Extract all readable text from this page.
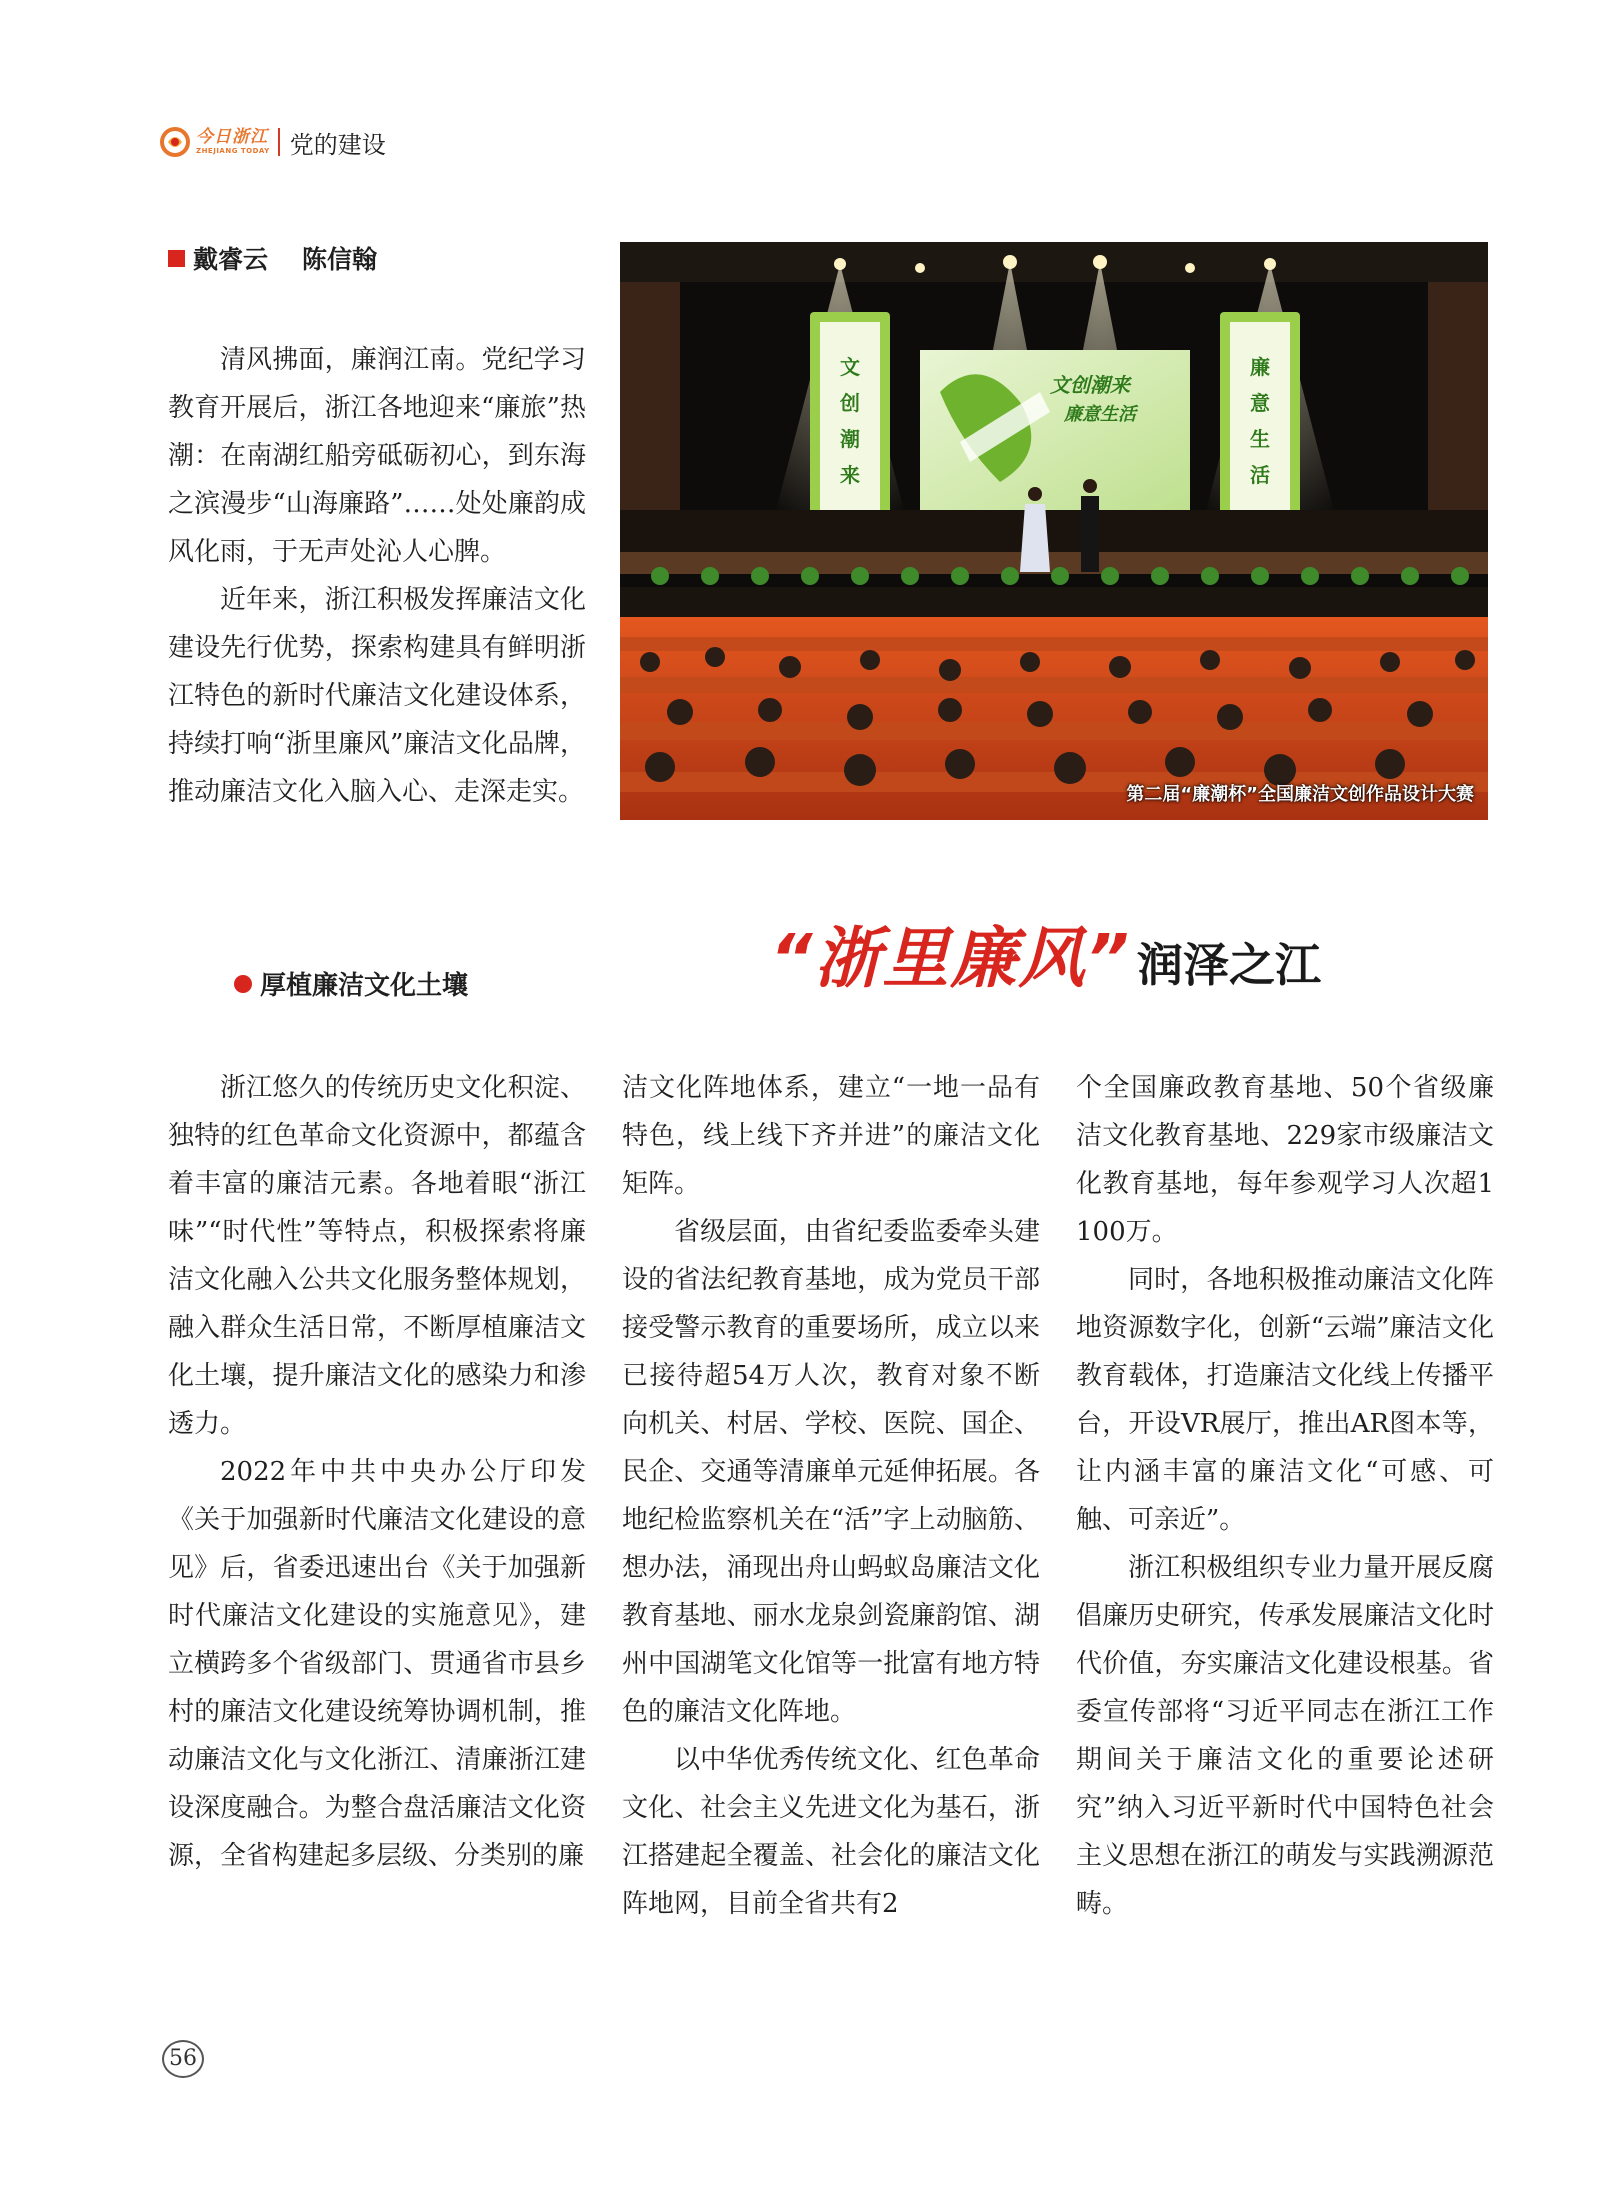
今日浙江
ZHEJIANG TODAY 党的建设
戴睿云 陈信翰

清风拂面，廉润江南。党纪学习教育开展后，浙江各地迎来“廉旅”热潮：在南湖红船旁砥砺初心，到东海之滨漫步“山海廉路”……处处廉韵成风化雨，于无声处沁人心脾。

近年来，浙江积极发挥廉洁文化建设先行优势，探索构建具有鲜明浙江特色的新时代廉洁文化建设体系，持续打响“浙里廉风”廉洁文化品牌，推动廉洁文化入脑入心、走深走实。

文
创
潮
来
廉
意
生
活
文创潮来
廉意生活
第二届“廉潮杯”全国廉洁文创作品设计大赛
“浙里廉风” 润泽之江
厚植廉洁文化土壤

浙江悠久的传统历史文化积淀、独特的红色革命文化资源中，都蕴含着丰富的廉洁元素。各地着眼“浙江味”“时代性”等特点，积极探索将廉洁文化融入公共文化服务整体规划，融入群众生活日常，不断厚植廉洁文化土壤，提升廉洁文化的感染力和渗透力。

2022年中共中央办公厅印发《关于加强新时代廉洁文化建设的意见》后，省委迅速出台《关于加强新时代廉洁文化建设的实施意见》，建立横跨多个省级部门、贯通省市县乡村的廉洁文化建设统筹协调机制，推动廉洁文化与文化浙江、清廉浙江建设深度融合。为整合盘活廉洁文化资源，全省构建起多层级、分类别的廉

洁文化阵地体系，建立“一地一品有特色，线上线下齐并进”的廉洁文化矩阵。

省级层面，由省纪委监委牵头建设的省法纪教育基地，成为党员干部接受警示教育的重要场所，成立以来已接待超54万人次，教育对象不断向机关、村居、学校、医院、国企、民企、交通等清廉单元延伸拓展。各地纪检监察机关在“活”字上动脑筋、想办法，涌现出舟山蚂蚁岛廉洁文化教育基地、丽水龙泉剑瓷廉韵馆、湖州中国湖笔文化馆等一批富有地方特色的廉洁文化阵地。

以中华优秀传统文化、红色革命文化、社会主义先进文化为基石，浙江搭建起全覆盖、社会化的廉洁文化阵地网，目前全省共有2

个全国廉政教育基地、50个省级廉洁文化教育基地、229家市级廉洁文化教育基地，每年参观学习人次超1100万。

同时，各地积极推动廉洁文化阵地资源数字化，创新“云端”廉洁文化教育载体，打造廉洁文化线上传播平台，开设VR展厅，推出AR图本等，让内涵丰富的廉洁文化“可感、可触、可亲近”。

浙江积极组织专业力量开展反腐倡廉历史研究，传承发展廉洁文化时代价值，夯实廉洁文化建设根基。省委宣传部将“习近平同志在浙江工作期间关于廉洁文化的重要论述研究”纳入习近平新时代中国特色社会主义思想在浙江的萌发与实践溯源范畴。

56
